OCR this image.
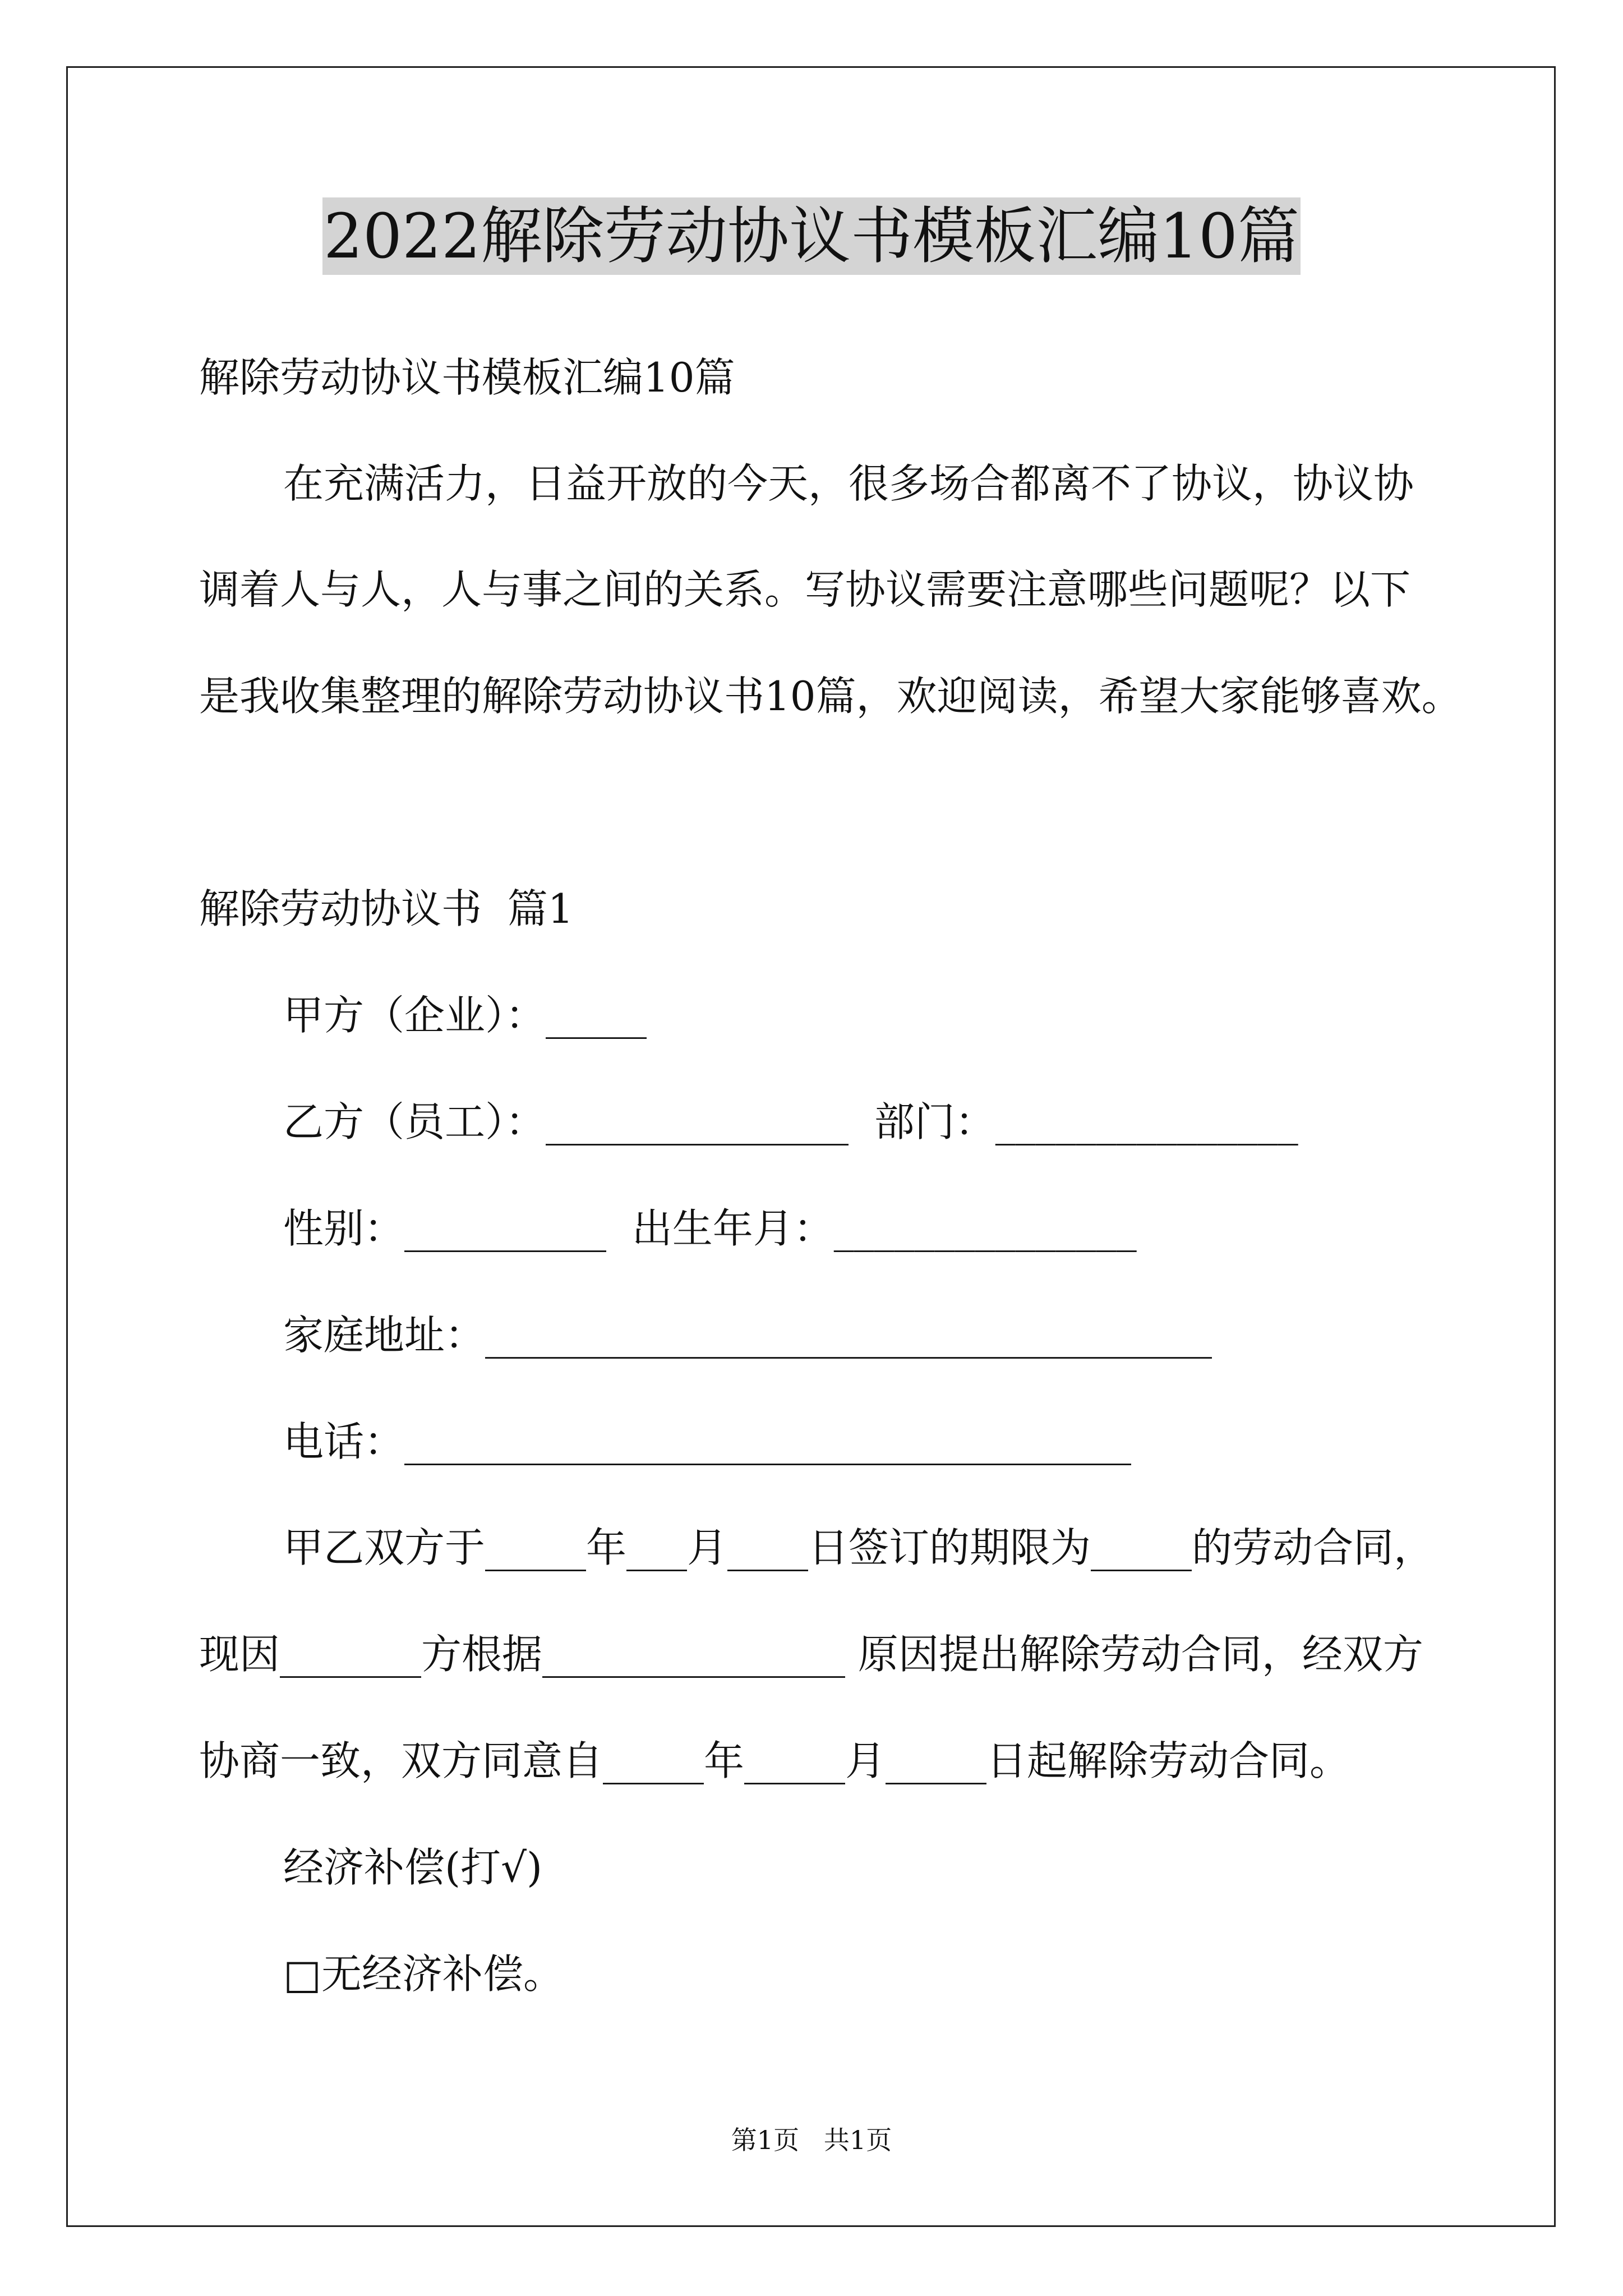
2022解除劳动协议书模板汇编10篇
解除劳动协议书模板汇编10篇
在充满活力，日益开放的今天，很多场合都离不了协议，协议协
调着人与人，人与事之间的关系。写协议需要注意哪些问题呢？以下
是我收集整理的解除劳动协议书10篇，欢迎阅读，希望大家能够喜欢。
解除劳动协议书  篇1
甲方（企业）：_____
乙方（员工）：_______________  部门：_______________
性别：__________  出生年月：_______________
家庭地址：____________________________________
电话：____________________________________
甲乙双方于_____年___月____日签订的期限为_____的劳动合同，
现因_______方根据_______________ 原因提出解除劳动合同，经双方
协商一致，双方同意自_____年_____月_____日起解除劳动合同。
经济补偿(打√)
□无经济补偿。
第1页   共1页
